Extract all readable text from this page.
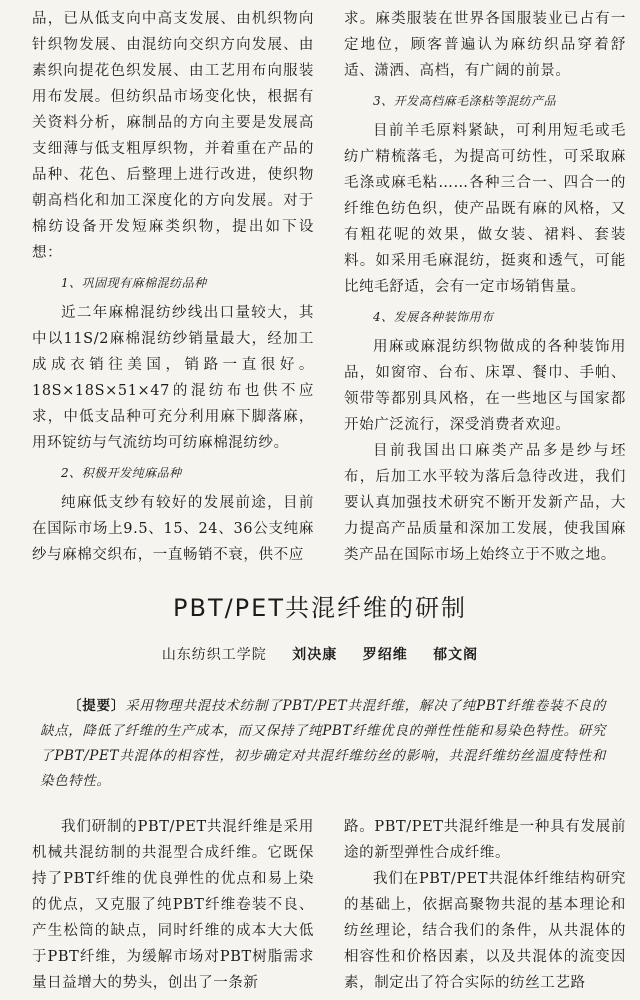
品，已从低支向中高支发展、由机织物向针织物发展、由混纺向交织方向发展、由素织向提花色织发展、由工艺用布向服装用布发展。但纺织品市场变化快，根据有关资料分析，麻制品的方向主要是发展高支细薄与低支粗厚织物，并着重在产品的品种、花色、后整理上进行改进，使织物朝高档化和加工深度化的方向发展。对于棉纺设备开发短麻类织物，提出如下设想：

1、巩固现有麻棉混纺品种

近二年麻棉混纺纱线出口量较大，其中以11S/2麻棉混纺纱销量最大，经加工成成衣销往美国，销路一直很好。18S×18S×51×47的混纺布也供不应求，中低支品种可充分利用麻下脚落麻，用环锭纺与气流纺均可纺麻棉混纺纱。

2、积极开发纯麻品种

纯麻低支纱有较好的发展前途，目前在国际市场上9.5、15、24、36公支纯麻纱与麻棉交织布，一直畅销不衰，供不应

求。麻类服装在世界各国服装业已占有一定地位，顾客普遍认为麻纺织品穿着舒适、潇洒、高档，有广阔的前景。

3、开发高档麻毛涤粘等混纺产品

目前羊毛原料紧缺，可利用短毛或毛纺广精梳落毛，为提高可纺性，可采取麻毛涤或麻毛粘……各种三合一、四合一的纤维色纺色织，使产品既有麻的风格，又有粗花呢的效果，做女装、裙料、套装料。如采用毛麻混纺，挺爽和透气，可能比纯毛舒适，会有一定市场销售量。

4、发展各种装饰用布

用麻或麻混纺织物做成的各种装饰用品，如窗帘、台布、床罩、餐巾、手帕、领带等都别具风格，在一些地区与国家都开始广泛流行，深受消费者欢迎。

目前我国出口麻类产品多是纱与坯布，后加工水平较为落后急待改进，我们要认真加强技术研究不断开发新产品，大力提高产品质量和深加工发展，使我国麻类产品在国际市场上始终立于不败之地。

PBT/PET共混纤维的研制
山东纺织工学院 刘决康 罗绍维 郁文阁

〔提要〕采用物理共混技术纺制了PBT/PET共混纤维，解决了纯PBT纤维卷装不良的缺点，降低了纤维的生产成本，而又保持了纯PBT纤维优良的弹性性能和易染色特性。研究了PBT/PET共混体的相容性，初步确定对共混纤维纺丝的影响，共混纤维纺丝温度特性和染色特性。

我们研制的PBT/PET共混纤维是采用机械共混纺制的共混型合成纤维。它既保持了PBT纤维的优良弹性的优点和易上染的优点，又克服了纯PBT纤维卷装不良、产生松筒的缺点，同时纤维的成本大大低于PBT纤维，为缓解市场对PBT树脂需求量日益增大的势头，创出了一条新

路。PBT/PET共混纤维是一种具有发展前途的新型弹性合成纤维。

我们在PBT/PET共混体纤维结构研究的基础上，依据高聚物共混的基本理论和纺丝理论，结合我们的条件，从共混体的相容性和价格因素，以及共混体的流变因素，制定出了符合实际的纺丝工艺路
